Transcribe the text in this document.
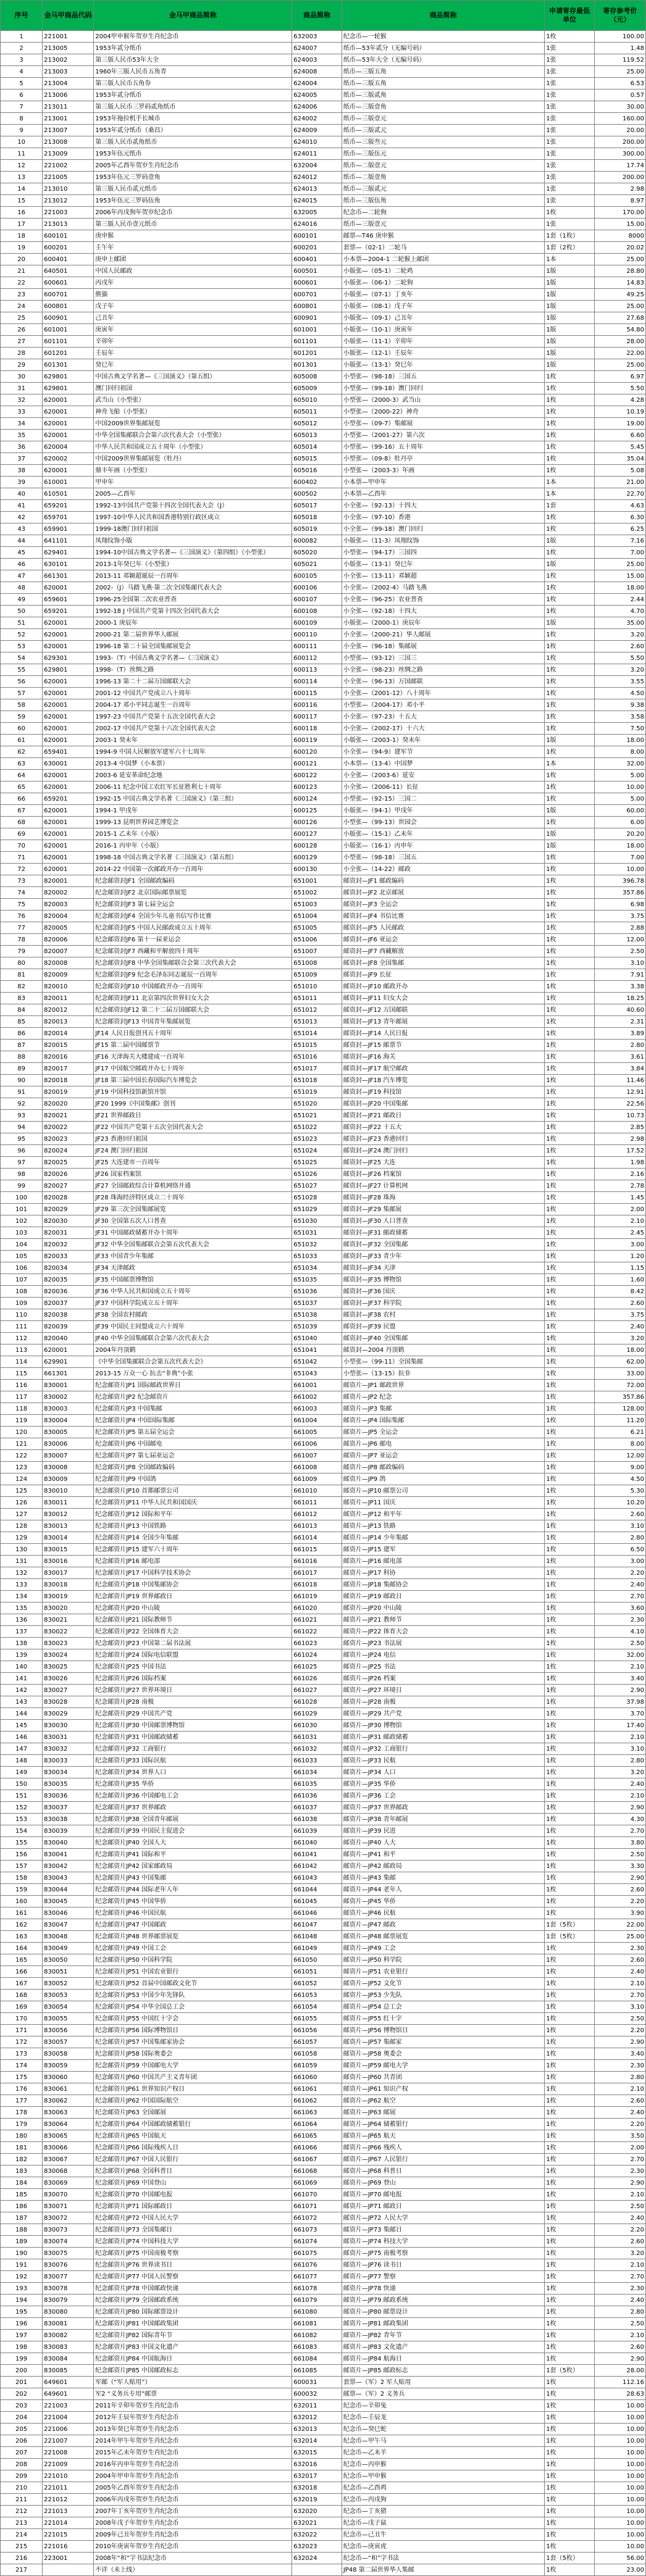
序号	金马甲商品代码	金马甲商品简称	商品简称	商品简称	申请寄存最低单位	寄存参考价（元）
1	221001	2004甲申猴年贺岁生肖纪念币	632003	纪念币—一轮猴	1枚	100.00
2	213005	1953年贰分纸币	624007	纸币—53年贰分（无编号码）	1张	1.48
3	213002	第三版人民币53年大全	624003	纸币—53年大全（无编号码）	1张	119.52
4	213003	1960年三版人民币五角青	624008	纸币—三版五角	1张	25.00
5	213004	第三版人民币五角券	624004	纸币—三版五角	1张	6.53
6	213006	1953年贰分纸币	624005	纸币—三版贰角	1张	0.57
7	213011	第三版人民币三罗码贰角纸币	624006	纸币—三版壹角	1张	30.00
8	213001	1953年拖拉机手长城币	624002	纸币—三版壹元	1张	160.00
9	213007	1953年贰分纸币（桑昌）	624009	纸币—三版贰元	1张	20.00
10	213008	第三版人民币贰角纸币	624010	纸币—三版叁元	1张	200.00
11	213009	1953年伍元纸币	624011	纸币—三版伍元	1张	300.00
12	221002	2005年乙酉年贺岁生肖纪念币	632004	纸币—二版壹元	1张	17.74
13	221005	1953年伍元三罗码壹角	624012	纸币—二版壹角	1张	200.00
14	213010	第三版人民币贰元纸币	624013	纸币—三版贰元	1张	2.98
15	213012	1953年伍元三罗码伍角	624015	纸币—三版伍角	1张	8.97
16	221003	2006年丙戌狗年贺岁纪念币	632005	纪念币—二轮狗	1枚	170.00
17	213013	第三版人民币壹元纸币	624016	纸币—三版壹元	1张	15.00
18	600101	庚申猴	600101	邮票—T46 庚申猴	1套（1枚）	8000
19	600201	壬午年	600201	套票—（02-1）二轮马	1套（2枚）	20.02
20	600401	庚申上邮团	600401	小本票—2004-1 二轮猴上邮团	1本	25.00
21	640501	中国人民邮政	600501	小版张—（05-1）二轮鸡	1版	28.80
22	600601	丙戌年	600601	小版张—（06-1）二轮狗	1版	14.83
23	600701	熊猫	600701	小版张—（07-1）丁亥年	1版	49.25
24	600801	戊子年	600801	小版张—（08-1）戊子年	1版	25.00
25	600901	己丑年	600901	小版张—（09-1）己丑年	1版	27.68
26	601001	庚寅年	601001	小版张—（10-1）庚寅年	1版	54.80
27	601101	辛卯年	601101	小版张—（11-1）辛卯年	1版	28.00
28	601201	壬辰年	601201	小版张—（12-1）壬辰年	1版	22.00
29	601301	癸巳年	601301	小版张—（13-1）癸巳年	1版	25.00
30	629801	中国古典文学名著—《三国演义》（第五组）	605008	小型张—（98-18）三国五	1枚	6.97
31	629801	澳门回归祖国	605009	小型张—（99-18）澳门回归	1枚	5.50
32	620001	武当山（小型张）	605010	小型张—（2000-3）武当山	1枚	4.28
33	620001	神舟飞船（小型张）	605011	小型张—（2000-22）神舟	1枚	10.19
34	620001	中国2009世界集邮展览	605012	小型张—（09-7）集邮展	1枚	19.00
35	620001	中华全国集邮联合会第六次代表大会（小型张）	605013	小型张—（2001-27）第六次	1枚	6.60
36	620004	中华人民共和国成立五十周年（小型张）	605014	小型张—（99-16）五十周年	1枚	5.45
37	620002	中国2009世界集邮展览（牡丹）	605015	小型张—（09-8）牡丹亭	1枚	35.04
38	620001	鼎丰年画（小型张）	605016	小型张—（2003-3）年画	1枚	5.08
39	610001	甲申年	600402	小本票—甲申年	1本	21.00
40	610501	2005—乙酉年	600502	小本票—乙酉年	1本	22.70
41	659201	1992-13中国共产党第十四次全国代表大会（J）	605017	小全张—（92-13）十四大	1套	4.63
42	659701	1997-10中华人民共和国香港特别行政区成立	605018	小全张—（97-10）香港	1枚	6.30
43	659901	1999-18澳门回归祖国	605019	小全张—（99-18）澳门回归	1枚	6.25
44	641101	凤翔纹饰小版	600082	小版张—（11-3）凤翔纹饰	1版	7.16
45	629401	1994-10中国古典文学名著—《三国演义》（第四组）（小型张）	605020	小型张—（94-17）三国四	1枚	7.00
46	630101	2013-1年癸巳年（小型张）	605021	小版张—（13-1）癸巳年	1版	25.00
47	661301	2013-11 邓颖超诞辰一百周年	600105	小全张—（13-11）邓颖超	1枚	15.00
48	620001	2002-（J）马踏飞燕·第二次全国集邮代表大会	600106	小全张—（2002-4）马踏飞燕	1枚	18.00
49	659601	1996-25全国第二次农业普查	600107	小全张—（96-25）农业普查	1枚	2.44
50	659201	1992-18 J 中国共产党第十四次全国代表大会	600108	小全张—（92-18）十四大	1枚	4.70
51	620001	2000-1 庚辰年	600109	小版张—（2000-1）庚辰年	1版	35.00
52	620001	2000-21 第二届世界华人邮展	600110	小全张—（2000-21）华人邮展	1枚	3.20
53	620001	1996-18 第二十届全国集邮展览会	600111	小全张—（96-18）集邮展	1枚	2.60
54	629301	1993-（T）中国古典文学名著—《三国演义》	600112	小型张—（93-12）三国三	1枚	5.50
55	629801	1998-（T）丝绸之路	600113	小全张—（98-23）丝绸之路	1枚	3.20
56	620001	1996-13 第二十二届万国邮联大会	600114	小全张—（96-13）万国邮联	1枚	3.55
57	620001	2001-12 中国共产党成立八十周年	600115	小全张—（2001-12）八十周年	1枚	4.50
58	620001	2004-17 邓小平同志诞生一百周年	600116	小型张—（2004-17）邓小平	1枚	9.38
59	620001	1997-23 中国共产党第十五次全国代表大会	600117	小全张—（97-23）十五大	1枚	3.58
60	620001	2002-17 中国共产党第十六次全国代表大会	600118	小全张—（2002-17）十六大	1枚	7.50
61	620001	2003-1 癸未年	600119	小版张—（2003-1）癸未年	1版	18.00
62	659401	1994-9 中国人民解放军建军六十七周年	600120	小全张—（94-9）建军节	1枚	8.00
63	630001	2013-4 中国梦（小本票）	600121	小本票—（13-4）中国梦	1本	32.00
64	620001	2003-6 延安革命纪念地	600122	小全张—（2003-6）延安	1枚	5.00
65	620001	2006-11 纪念中国工农红军长征胜利七十周年	600123	小全张—（2006-11）长征	1枚	10.00
66	659201	1992-15 中国古典文学名著《三国演义》（第三组）	600124	小型张—（92-15）三国二	1枚	5.00
67	620001	1994-1 甲戌年	600125	小版张—（94-1）甲戌年	1版	60.00
68	620001	1999-13 昆明世界园艺博览会	600126	小型张—（99-13）世园会	1枚	6.00
69	620001	2015-1 乙未年（小版）	600127	小版张—（15-1）乙未年	1版	20.20
70	620001	2016-1 丙申年（小版）	600128	小版张—（16-1）丙申年	1版	18.00
71	620001	1998-18 中国古典文学名著《三国演义》（第五组）	600129	小型张—（98-18）三国五	1枚	7.00
72	620001	2014-22 中国第一次邮政开办一百周年	600130	小全张—（14-22）邮政	1枚	10.00
73	820001	纪念邮资封JF1 全国邮政编码	651001	邮资封—JF1 邮政编码	1枚	396.78
74	820002	纪念邮资封JF2 北京国际邮票展览	651002	邮资封—JF2 北京邮展	1枚	357.86
75	820003	纪念邮资封JF3 第七届全运会	651003	邮资封—JF3 全运会	1枚	6.98
76	820004	纪念邮资封JF4 全国少年儿童书信写作比赛	651004	邮资封—JF4 书信比赛	1枚	3.75
77	820005	纪念邮资封JF5 中国人民邮政成立五十周年	651005	邮资封—JF5 人民邮政	1枚	2.88
78	820006	纪念邮资封JF6 第十一届亚运会	651006	邮资封—JF6 亚运会	1枚	12.00
79	820007	纪念邮资封JF7 西藏和平解放四十周年	651007	邮资封—JF7 西藏解放	1枚	2.50
80	820008	纪念邮资封JF8 中华全国集邮联合会第三次代表大会	651008	邮资封—JF8 全国集邮	1枚	3.10
81	820009	纪念邮资封JF9 纪念毛泽东同志诞辰一百周年	651009	邮资封—JF9 长征	1枚	7.91
82	820010	纪念邮资封JF10 中国邮政开办一百周年	651010	邮资封—JF10 邮政开办	1枚	3.38
83	820011	纪念邮资封JF11 北京第四次世界妇女大会	651011	邮资封—JF11 妇女大会	1枚	18.25
84	820012	纪念邮资封JF12 第二十二届万国邮联大会	651012	邮资封—JF12 万国邮联	1枚	40.60
85	820013	纪念邮资封JF13 中国青年集邮展览	651013	邮资封—JF13 青年邮展	1枚	2.31
86	820014	JF14 人民日报创刊五十周年	651014	邮资封—JF14 人民日报	1枚	3.89
87	820015	JF15 第二届中国邮票节	651015	邮资封—JF15 邮票节	1枚	2.80
88	820016	JF16 天津海关大楼建成一百周年	651016	邮资封—JF16 海关	1枚	3.61
89	820017	JF17 中国航空邮政开办七十周年	651017	邮资封—JF17 航空邮政	1枚	3.84
90	820018	JF18 第三届中国长春国际汽车博览会	651018	邮资封—JF18 汽车博览	1枚	11.46
91	820019	JF19 中国科技馆新馆开馆	651019	邮资封—JF19 科技馆	1枚	12.91
92	820020	JF20 1999《中国集邮》创刊	651020	邮资封—JF20 中国集邮	1枚	22.56
93	820021	JF21 世界邮政日	651021	邮资封—JF21 邮政日	1枚	10.73
94	820022	JF22 中国共产党第十五次全国代表大会	651022	邮资封—JF22 十五大	1枚	2.85
95	820023	JF23 香港回归祖国	651023	邮资封—JF23 香港回归	1枚	2.98
96	820024	JF24 澳门回归祖国	651024	邮资封—JF24 澳门回归	1枚	17.52
97	820025	JF25 大连建市一百周年	651025	邮资封—JF25 大连	1枚	1.98
98	820026	JF26 国家档案馆	651026	邮资封—JF26 档案馆	1枚	2.16
99	820027	JF27 全国邮政综合计算机网络开通	651027	邮资封—JF27 计算机网	1枚	2.78
100	820028	JF28 珠海经济特区成立二十周年	651028	邮资封—JF28 珠海	1枚	1.45
101	820029	JF29 第三次全国集邮展览	651029	邮资封—JF29 集邮展	1枚	2.00
102	820030	JF30 全国第五次人口普查	651030	邮资封—JF30 人口普查	1枚	2.10
103	820031	JF31 中国邮政储蓄开办十周年	651031	邮资封—JF31 邮政储蓄	1枚	2.45
104	820032	JF32 中华全国集邮联合会第五次代表大会	651032	邮资封—JF32 全国集邮	1枚	3.00
105	820033	JF33 中国青少年集邮	651033	邮资封—JF33 青少年	1枚	1.20
106	820034	JF34 天津邮政	651034	邮资封—JF34 天津	1枚	1.15
107	820035	JF35 中国邮票博物馆	651035	邮资封—JF35 博物馆	1枚	1.60
108	820036	JF36 中华人民共和国成立五十周年	651036	邮资封—JF36 国庆	1枚	8.42
109	820037	JF37 中国科学院成立五十周年	651037	邮资封—JF37 科学院	1枚	2.60
110	820038	JF38 全国农村邮政	651038	邮资封—JF38 农村	1枚	3.75
111	820039	JF39 中国民主同盟成立六十周年	651039	邮资封—JF39 民盟	1枚	2.40
112	820040	JF40 中华全国集邮联合会第六次代表大会	651040	邮资封—JF40 全国集邮	1枚	3.20
113	620001	2004年丹顶鹤	651041	邮资封—2004 丹顶鹤	1枚	18.00
114	629901	《中华全国集邮联合会第五次代表大会》	651042	小型张—（99-11）全国集邮	1枚	62.00
115	661301	2013-15 万众一心 抗击“非典”小张	651043	小型张—（13-15）抗非	1枚	33.00
116	830001	纪念邮资片JP1 国际邮政世界日	661001	邮资片—JP1 邮政世界	1枚	72.00
117	830002	纪念邮资片JP2 纪念邮资片	661002	邮资片—JP2 纪念	1枚	357.86
118	830003	纪念邮资片JP3 中国集邮	661003	邮资片—JP3 集邮	1枚	128.00
119	830004	纪念邮资片JP4 中国国际集邮	661004	邮资片—JP4 国际集邮	1枚	11.20
120	830005	纪念邮资片JP5 第五届全运会	661005	邮资片—JP5 全运会	1枚	6.21
121	830006	纪念邮资片JP6 中国邮电	661006	邮资片—JP6 邮电	1枚	8.00
122	830007	纪念邮资片JP7 第七届亚运会	661007	邮资片—JP7 亚运会	1枚	12.00
123	830008	纪念邮资片JP8 全国邮政编码	661008	邮资片—JP8 邮政编码	1枚	9.00
124	830009	纪念邮资片JP9 中国鸽	661009	邮资片—JP9 鸽	1枚	4.50
125	830010	纪念邮资片JP10 首都邮票公司	661010	邮资片—JP10 邮票公司	1枚	5.30
126	830011	纪念邮资片JP11 中华人民共和国国庆	661011	邮资片—JP11 国庆	1枚	10.20
127	830012	纪念邮资片JP12 国际和平年	661012	邮资片—JP12 和平年	1枚	2.60
128	830013	纪念邮资片JP13 中国铁路	661013	邮资片—JP13 铁路	1枚	3.10
129	830014	纪念邮资片JP14 全国少年集邮	661014	邮资片—JP14 少年集邮	1枚	2.80
130	830015	纪念邮资片JP15 建军六十周年	661015	邮资片—JP15 建军	1枚	6.50
131	830016	纪念邮资片JP16 邮电部	661016	邮资片—JP16 邮电部	1枚	3.00
132	830017	纪念邮资片JP17 中国科学技术协会	661017	邮资片—JP17 科协	1枚	2.20
133	830018	纪念邮资片JP18 中国集邮协会	661018	邮资片—JP18 集邮协会	1枚	2.40
134	830019	纪念邮资片JP19 世界邮政日	661019	邮资片—JP19 邮政日	1枚	2.70
135	830020	纪念邮资片JP20 中山陵	661020	邮资片—JP20 中山陵	1枚	3.60
136	830021	纪念邮资片JP21 国际教师节	661021	邮资片—JP21 教师节	1枚	2.30
137	830022	纪念邮资片JP22 全国体育大会	661022	邮资片—JP22 体育大会	1枚	4.10
138	830023	纪念邮资片JP23 中国第二届书法展	661023	邮资片—JP23 书法展	1枚	2.50
139	830024	纪念邮资片JP24 国际电信联盟	661024	邮资片—JP24 电信	1枚	32.00
140	830025	纪念邮资片JP25 中国书法	661025	邮资片—JP25 书法	1枚	2.10
141	830026	纪念邮资片JP26 国际档案	661026	邮资片—JP26 档案	1枚	3.40
142	830027	纪念邮资片JP27 世界环境日	661027	邮资片—JP27 环境日	1枚	2.90
143	830028	纪念邮资片JP28 南极	661028	邮资片—JP28 南极	1枚	37.98
144	830029	纪念邮资片JP29 中国共产党	661029	邮资片—JP29 共产党	1枚	3.70
145	830030	纪念邮资片JP30 中国邮票博物馆	661030	邮资片—JP30 博物馆	1枚	17.40
146	830031	纪念邮资片JP31 中国邮政储蓄	661031	邮资片—JP31 邮政储蓄	1枚	2.10
147	830032	纪念邮资片JP32 工商银行	661032	邮资片—JP32 工商银行	1枚	3.10
148	830033	纪念邮资片JP33 国际民航	661033	邮资片—JP33 民航	1枚	2.80
149	830034	纪念邮资片JP34 世界人口	661034	邮资片—JP34 人口	1枚	3.20
150	830035	纪念邮资片JP35 华侨	661035	邮资片—JP35 华侨	1枚	2.40
151	830036	纪念邮资片JP36 中国邮电工会	661036	邮资片—JP36 工会	1枚	2.10
152	830037	纪念邮资片JP37 世界邮政	661037	邮资片—JP37 世界邮政	1枚	2.90
153	830038	纪念邮资片JP38 全国青年邮展	661038	邮资片—JP38 青年邮展	1枚	4.30
154	830039	纪念邮资片JP39 中国民主促进会	661039	邮资片—JP39 民进	1枚	2.70
155	830040	纪念邮资片JP40 全国人大	661040	邮资片—JP40 人大	1枚	3.80
156	830041	纪念邮资片JP41 国际和平	661041	邮资片—JP41 和平	1枚	2.50
157	830042	纪念邮资片JP42 国家邮政局	661042	邮资片—JP42 邮政局	1枚	3.30
158	830043	纪念邮资片JP43 中国集邮	661043	邮资片—JP43 集邮	1枚	2.90
159	830044	纪念邮资片JP44 国际老年人年	661044	邮资片—JP44 老年人	1枚	2.60
160	830045	纪念邮资片JP45 中国华侨	661045	邮资片—JP45 华侨	1枚	2.20
161	830046	纪念邮资片JP46 中国民航	661046	邮资片—JP46 民航	1枚	3.90
162	830047	纪念邮资片JP47 中国邮政	661047	邮资片—JP47 邮政	1套（5枚）	22.00
163	830048	纪念邮资片JP48 世界邮票展览	661048	邮资片—JP48 邮票展览	1套（5枚）	25.00
164	830049	纪念邮资片JP49 中国工会	661049	邮资片—JP49 工会	1枚	2.30
165	830050	纪念邮资片JP50 中国科学院	661050	邮资片—JP50 科学院	1枚	2.60
166	830051	纪念邮资片JP51 中国农业银行	661051	邮资片—JP51 农业银行	1枚	2.40
167	830052	纪念邮资片JP52 首届中国邮政文化节	661052	邮资片—JP52 文化节	1枚	2.10
168	830053	纪念邮资片JP53 中国少年先锋队	661053	邮资片—JP53 少先队	1枚	2.70
169	830054	纪念邮资片JP54 中华全国总工会	661054	邮资片—JP54 总工会	1枚	3.10
170	830055	纪念邮资片JP55 中国红十字会	661055	邮资片—JP55 红十字	1枚	2.50
171	830056	纪念邮资片JP56 国际博物馆日	661056	邮资片—JP56 博物馆日	1枚	2.20
172	830057	纪念邮资片JP57 中国集邮家协会	661057	邮资片—JP57 集邮家	1枚	2.90
173	830058	纪念邮资片JP58 国际奥委会	661058	邮资片—JP58 奥委会	1枚	3.40
174	830059	纪念邮资片JP59 中国邮电大学	661059	邮资片—JP59 邮电大学	1枚	2.30
175	830060	纪念邮资片JP60 中国共产主义青年团	661060	邮资片—JP60 共青团	1枚	2.80
176	830061	纪念邮资片JP61 世界知识产权日	661061	邮资片—JP61 知识产权	1枚	2.10
177	830062	纪念邮资片JP62 中国国际航空	661062	邮资片—JP62 航空	1枚	2.60
178	830063	纪念邮资片JP63 全国邮展	661063	邮资片—JP63 邮展	1枚	2.40
179	830064	纪念邮资片JP64 中国邮政储蓄银行	661064	邮资片—JP64 储蓄银行	1枚	2.20
180	830065	纪念邮资片JP65 中国航天	661065	邮资片—JP65 航天	1枚	3.50
181	830066	纪念邮资片JP66 国际残疾人日	661066	邮资片—JP66 残疾人	1枚	2.00
182	830067	纪念邮资片JP67 中国人民银行	661067	邮资片—JP67 人民银行	1枚	2.70
183	830068	纪念邮资片JP68 全国科普日	661068	邮资片—JP68 科普日	1枚	2.30
184	830069	纪念邮资片JP69 中国登山	661069	邮资片—JP69 登山	1枚	2.90
185	830070	纪念邮资片JP70 中国邮电报	661070	邮资片—JP70 邮电报	1枚	2.10
186	830071	纪念邮资片JP71 国际邮政日	661071	邮资片—JP71 邮政日	1枚	2.50
187	830072	纪念邮资片JP72 中国人民大学	661072	邮资片—JP72 人民大学	1枚	2.40
188	830073	纪念邮资片JP73 全国集邮日	661073	邮资片—JP73 集邮日	1枚	2.20
189	830074	纪念邮资片JP74 中国科技大学	661074	邮资片—JP74 科技大学	1枚	2.60
190	830075	纪念邮资片JP75 中国南极考察	661075	邮资片—JP75 南极考察	1枚	3.20
191	830076	纪念邮资片JP76 世界读书日	661076	邮资片—JP76 读书日	1枚	2.10
192	830077	纪念邮资片JP77 中国人民警察	661077	邮资片—JP77 警察	1枚	2.70
193	830078	纪念邮资片JP78 中国邮政快递	661078	邮资片—JP78 快递	1枚	2.30
194	830079	纪念邮资片JP79 全国邮政系统	661079	邮资片—JP79 邮政系统	1枚	2.40
195	830080	纪念邮资片JP80 国际邮票设计	661080	邮资片—JP80 邮票设计	1枚	2.80
196	830081	纪念邮资片JP81 中国邮政集团	661081	邮资片—JP81 邮政集团	1枚	2.50
197	830082	纪念邮资片JP82 国际青年节	661082	邮资片—JP82 青年节	1枚	2.10
198	830083	纪念邮资片JP83 中国文化遗产	661083	邮资片—JP83 文化遗产	1枚	2.60
199	830084	纪念邮资片JP84 中国航海日	661084	邮资片—JP84 航海日	1枚	2.90
200	830085	纪念邮资片JP85 中国邮政标志	661085	邮资片—JP85 邮政标志	1套（5枚）	28.00
201	649601	军邮（“军人贴用”）	600031	套票—（军）2 军人贴用	1枚	112.16
202	649601	军2 “义务兵专用”邮票	600032	邮票—（军）2 义务兵	1枚	28.63
203	221003	2011年辛卯年贺岁生肖纪念币	632011	纪念币—辛卯兔	1枚	10.00
204	221004	2012年壬辰年贺岁生肖纪念币	632012	纪念币—壬辰龙	1枚	10.00
205	221006	2013年癸巳年贺岁生肖纪念币	632013	纪念币—癸巳蛇	1枚	10.00
206	221007	2014年甲午年贺岁生肖纪念币	632014	纪念币—甲午马	1枚	10.00
207	221008	2015年乙未年贺岁生肖纪念币	632015	纪念币—乙未羊	1枚	10.00
208	221009	2016年丙申年贺岁生肖纪念币	632016	纪念币—丙申猴	1枚	10.00
209	221010	2004年甲申年贺岁生肖纪念币	632017	纪念币—甲申猴	1枚	10.00
210	221011	2005年乙酉年贺岁生肖纪念币	632018	纪念币—乙酉鸡	1枚	10.00
211	221012	2006年丙戌年贺岁生肖纪念币	632019	纪念币—丙戌狗	1枚	10.00
212	221013	2007年丁亥年贺岁生肖纪念币	632020	纪念币—丁亥猪	1枚	10.00
213	221014	2008年戊子年贺岁生肖纪念币	632021	纪念币—戊子鼠	1枚	10.00
214	221015	2009年己丑年贺岁生肖纪念币	632022	纪念币—己丑牛	1枚	10.00
215	221016	2010年庚寅年贺岁生肖纪念币	632023	纪念币—庚寅虎	1枚	10.00
216	223001	2008年“和”字书法纪念币	632024	纪念币—“和”字书法	1套（5枚）	56.00
217		不详（未上线）		JP48 第二届世界华人集邮	1枚	23.00
